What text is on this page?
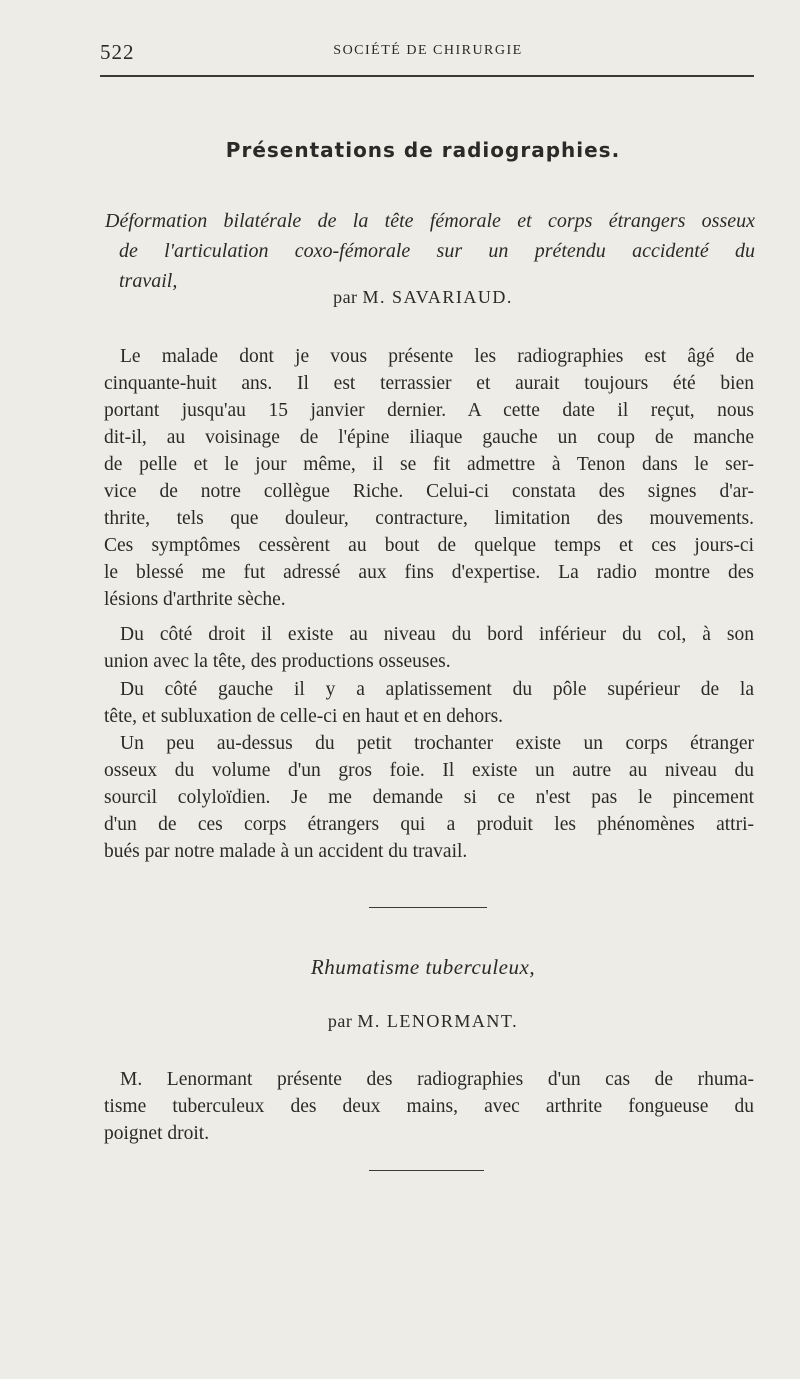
522	SOCIÉTÉ DE CHIRURGIE
Présentations de radiographies.
Déformation bilatérale de la tête fémorale et corps étrangers osseux
de l'articulation coxo-fémorale sur un prétendu accidenté du
travail,
par M. SAVARIAUD.
Le malade dont je vous présente les radiographies est âgé de
cinquante-huit ans. Il est terrassier et aurait toujours été bien
portant jusqu'au 15 janvier dernier. A cette date il reçut, nous
dit-il, au voisinage de l'épine iliaque gauche un coup de manche
de pelle et le jour même, il se fit admettre à Tenon dans le ser-
vice de notre collègue Riche. Celui-ci constata des signes d'ar-
thrite, tels que douleur, contracture, limitation des mouvements.
Ces symptômes cessèrent au bout de quelque temps et ces jours-ci
le blessé me fut adressé aux fins d'expertise. La radio montre des
lésions d'arthrite sèche.
Du côté droit il existe au niveau du bord inférieur du col, à son
union avec la tête, des productions osseuses.
Du côté gauche il y a aplatissement du pôle supérieur de la
tête, et subluxation de celle-ci en haut et en dehors.
Un peu au-dessus du petit trochanter existe un corps étranger
osseux du volume d'un gros foie. Il existe un autre au niveau du
sourcil colyloïdien. Je me demande si ce n'est pas le pincement
d'un de ces corps étrangers qui a produit les phénomènes attri-
bués par notre malade à un accident du travail.
Rhumatisme tuberculeux,
par M. LENORMANT.
M. Lenormant présente des radiographies d'un cas de rhuma-
tisme tuberculeux des deux mains, avec arthrite fongueuse du
poignet droit.
